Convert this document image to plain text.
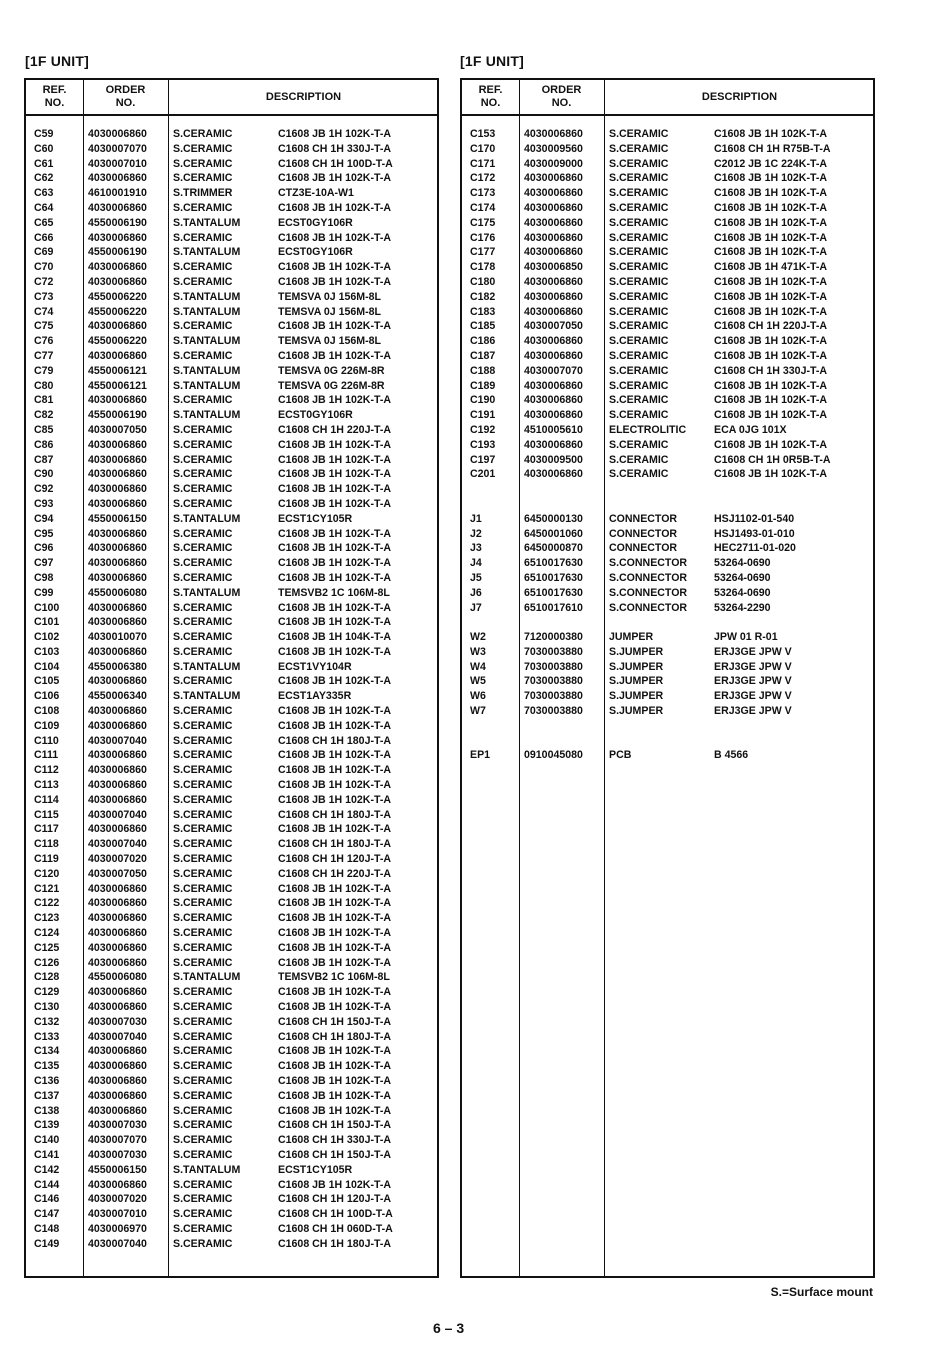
[1F UNIT]	[1F UNIT]
REF.
NO.
ORDER
NO.
DESCRIPTION
C59	4030006860 S.CERAMIC	C1608 JB 1H 102K-T-A
C60	4030007070 S.CERAMIC	C1608 CH 1H 330J-T-A
C61	4030007010 S.CERAMIC	C1608 CH 1H 100D-T-A
C62	4030006860 S.CERAMIC	C1608 JB 1H 102K-T-A
C63	4610001910 S.TRIMMER	CTZ3E-10A-W1
C64	4030006860 S.CERAMIC	C1608 JB 1H 102K-T-A
C65	4550006190 S.TANTALUM	ECST0GY106R
C66	4030006860 S.CERAMIC	C1608 JB 1H 102K-T-A
C69	4550006190 S.TANTALUM	ECST0GY106R
C70	4030006860 S.CERAMIC	C1608 JB 1H 102K-T-A
C72	4030006860 S.CERAMIC	C1608 JB 1H 102K-T-A
C73	4550006220 S.TANTALUM	TEMSVA 0J 156M-8L
C74	4550006220 S.TANTALUM	TEMSVA 0J 156M-8L
C75	4030006860 S.CERAMIC	C1608 JB 1H 102K-T-A
C76	4550006220 S.TANTALUM	TEMSVA 0J 156M-8L
C77	4030006860 S.CERAMIC	C1608 JB 1H 102K-T-A
C79	4550006121 S.TANTALUM	TEMSVA 0G 226M-8R
C80	4550006121 S.TANTALUM	TEMSVA 0G 226M-8R
C81	4030006860 S.CERAMIC	C1608 JB 1H 102K-T-A
C82	4550006190 S.TANTALUM	ECST0GY106R
C85	4030007050 S.CERAMIC	C1608 CH 1H 220J-T-A
C86	4030006860 S.CERAMIC	C1608 JB 1H 102K-T-A
C87	4030006860 S.CERAMIC	C1608 JB 1H 102K-T-A
C90	4030006860 S.CERAMIC	C1608 JB 1H 102K-T-A
C92	4030006860 S.CERAMIC	C1608 JB 1H 102K-T-A
C93	4030006860 S.CERAMIC	C1608 JB 1H 102K-T-A
C94	4550006150 S.TANTALUM	ECST1CY105R
C95	4030006860 S.CERAMIC	C1608 JB 1H 102K-T-A
C96	4030006860 S.CERAMIC	C1608 JB 1H 102K-T-A
C97	4030006860 S.CERAMIC	C1608 JB 1H 102K-T-A
C98	4030006860 S.CERAMIC	C1608 JB 1H 102K-T-A
C99	4550006080 S.TANTALUM	TEMSVB2 1C 106M-8L
C100	4030006860 S.CERAMIC	C1608 JB 1H 102K-T-A
C101	4030006860 S.CERAMIC	C1608 JB 1H 102K-T-A
C102	4030010070 S.CERAMIC	C1608 JB 1H 104K-T-A
C103	4030006860 S.CERAMIC	C1608 JB 1H 102K-T-A
C104	4550006380 S.TANTALUM	ECST1VY104R
C105	4030006860 S.CERAMIC	C1608 JB 1H 102K-T-A
C106	4550006340 S.TANTALUM	ECST1AY335R
C108	4030006860 S.CERAMIC	C1608 JB 1H 102K-T-A
C109	4030006860 S.CERAMIC	C1608 JB 1H 102K-T-A
C110	4030007040 S.CERAMIC	C1608 CH 1H 180J-T-A
C111	4030006860 S.CERAMIC	C1608 JB 1H 102K-T-A
C112	4030006860 S.CERAMIC	C1608 JB 1H 102K-T-A
C113	4030006860 S.CERAMIC	C1608 JB 1H 102K-T-A
C114	4030006860 S.CERAMIC	C1608 JB 1H 102K-T-A
C115	4030007040 S.CERAMIC	C1608 CH 1H 180J-T-A
C117	4030006860 S.CERAMIC	C1608 JB 1H 102K-T-A
C118	4030007040 S.CERAMIC	C1608 CH 1H 180J-T-A
C119	4030007020 S.CERAMIC	C1608 CH 1H 120J-T-A
C120	4030007050 S.CERAMIC	C1608 CH 1H 220J-T-A
C121	4030006860 S.CERAMIC	C1608 JB 1H 102K-T-A
C122	4030006860 S.CERAMIC	C1608 JB 1H 102K-T-A
C123	4030006860 S.CERAMIC	C1608 JB 1H 102K-T-A
C124	4030006860 S.CERAMIC	C1608 JB 1H 102K-T-A
C125	4030006860 S.CERAMIC	C1608 JB 1H 102K-T-A
C126	4030006860 S.CERAMIC	C1608 JB 1H 102K-T-A
C128	4550006080 S.TANTALUM	TEMSVB2 1C 106M-8L
C129	4030006860 S.CERAMIC	C1608 JB 1H 102K-T-A
C130	4030006860 S.CERAMIC	C1608 JB 1H 102K-T-A
C132	4030007030 S.CERAMIC	C1608 CH 1H 150J-T-A
C133	4030007040 S.CERAMIC	C1608 CH 1H 180J-T-A
C134	4030006860 S.CERAMIC	C1608 JB 1H 102K-T-A
C135	4030006860 S.CERAMIC	C1608 JB 1H 102K-T-A
C136	4030006860 S.CERAMIC	C1608 JB 1H 102K-T-A
C137	4030006860 S.CERAMIC	C1608 JB 1H 102K-T-A
C138	4030006860 S.CERAMIC	C1608 JB 1H 102K-T-A
C139	4030007030 S.CERAMIC	C1608 CH 1H 150J-T-A
C140	4030007070 S.CERAMIC	C1608 CH 1H 330J-T-A
C141	4030007030 S.CERAMIC	C1608 CH 1H 150J-T-A
C142	4550006150 S.TANTALUM	ECST1CY105R
C144	4030006860 S.CERAMIC	C1608 JB 1H 102K-T-A
C146	4030007020 S.CERAMIC	C1608 CH 1H 120J-T-A
C147	4030007010 S.CERAMIC	C1608 CH 1H 100D-T-A
C148	4030006970 S.CERAMIC	C1608 CH 1H 060D-T-A
C149	4030007040 S.CERAMIC	C1608 CH 1H 180J-T-A
REF.
NO.
ORDER
NO.
DESCRIPTION
C153	4030006860 S.CERAMIC	C1608 JB 1H 102K-T-A
C170	4030009560 S.CERAMIC	C1608 CH 1H R75B-T-A
C171	4030009000 S.CERAMIC	C2012 JB 1C 224K-T-A
C172	4030006860 S.CERAMIC	C1608 JB 1H 102K-T-A
C173	4030006860 S.CERAMIC	C1608 JB 1H 102K-T-A
C174	4030006860 S.CERAMIC	C1608 JB 1H 102K-T-A
C175	4030006860 S.CERAMIC	C1608 JB 1H 102K-T-A
C176	4030006860 S.CERAMIC	C1608 JB 1H 102K-T-A
C177	4030006860 S.CERAMIC	C1608 JB 1H 102K-T-A
C178	4030006850 S.CERAMIC	C1608 JB 1H 471K-T-A
C180	4030006860 S.CERAMIC	C1608 JB 1H 102K-T-A
C182	4030006860 S.CERAMIC	C1608 JB 1H 102K-T-A
C183	4030006860 S.CERAMIC	C1608 JB 1H 102K-T-A
C185	4030007050 S.CERAMIC	C1608 CH 1H 220J-T-A
C186	4030006860 S.CERAMIC	C1608 JB 1H 102K-T-A
C187	4030006860 S.CERAMIC	C1608 JB 1H 102K-T-A
C188	4030007070 S.CERAMIC	C1608 CH 1H 330J-T-A
C189	4030006860 S.CERAMIC	C1608 JB 1H 102K-T-A
C190	4030006860 S.CERAMIC	C1608 JB 1H 102K-T-A
C191	4030006860 S.CERAMIC	C1608 JB 1H 102K-T-A
C192	4510005610 ELECTROLITIC	ECA 0JG 101X
C193	4030006860 S.CERAMIC	C1608 JB 1H 102K-T-A
C197	4030009500 S.CERAMIC	C1608 CH 1H 0R5B-T-A
C201	4030006860 S.CERAMIC	C1608 JB 1H 102K-T-A
J1	6450000130 CONNECTOR	HSJ1102-01-540
J2	6450001060 CONNECTOR	HSJ1493-01-010
J3	6450000870 CONNECTOR	HEC2711-01-020
J4	6510017630 S.CONNECTOR	53264-0690
J5	6510017630 S.CONNECTOR	53264-0690
J6	6510017630 S.CONNECTOR	53264-0690
J7	6510017610 S.CONNECTOR	53264-2290
W2	7120000380 JUMPER	JPW 01 R-01
W3	7030003880 S.JUMPER	ERJ3GE JPW V
W4	7030003880 S.JUMPER	ERJ3GE JPW V
W5	7030003880 S.JUMPER	ERJ3GE JPW V
W6	7030003880 S.JUMPER	ERJ3GE JPW V
W7	7030003880 S.JUMPER	ERJ3GE JPW V
EP1	0910045080 PCB	B 4566
S.=Surface mount
6 – 3
